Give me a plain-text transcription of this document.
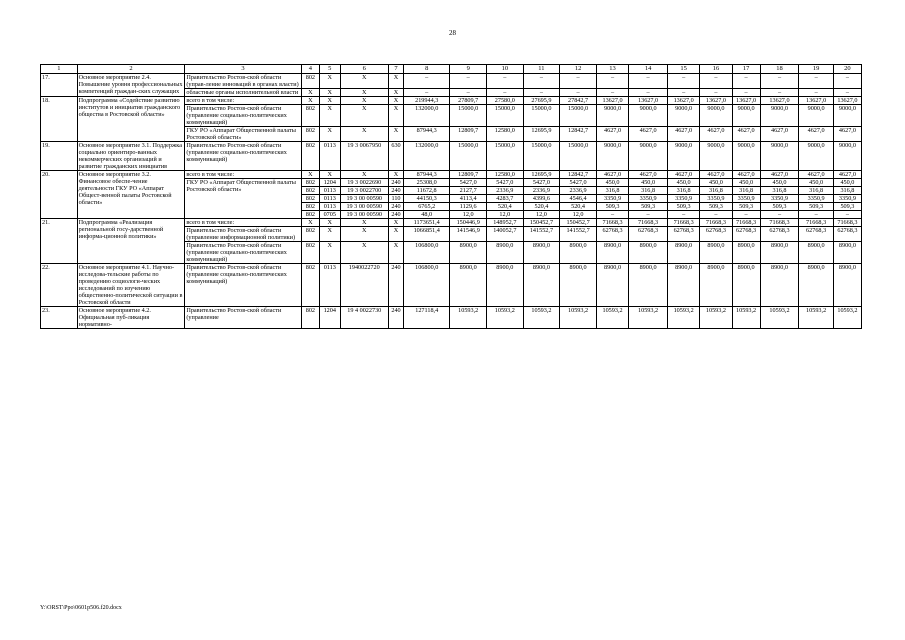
28
1	2	3	4	5	6	7	8	9	10	11	12	13	14	15	16	17	18	19	20
17.	Основное мероприятие 2.4. Повышение уровня профессиональных компетенций граждан-ских служащих	Правительство Ростов-ской области (управ-ление инноваций в органах власти)	802	X	X	X	–	–	–	–	–	–	–	–	–	–	–	–	–
		областные органы исполнительной власти	X	X	X	X	–	–	–	–	–	–	–	–	–	–	–	–	–
18.	Подпрограмма «Содействие развитию институтов и инициатив гражданского общества в Ростовской области»	всего в том числе:	X	X	X	X	219944,3	27809,7	27580,0	27695,9	27842,7	13627,0	13627,0	13627,0	13627,0	13627,0	13627,0	13627,0	13627,0
		Правительство Ростов-ской области (управление социально-политических коммуникаций)	802	X	X	X	132000,0	15000,0	15000,0	15000,0	15000,0	9000,0	9000,0	9000,0	9000,0	9000,0	9000,0	9000,0	9000,0
		ГКУ РО «Аппарат Общественной палаты Ростовской области»	802	X	X	X	87944,3	12809,7	12580,0	12695,9	12842,7	4627,0	4627,0	4627,0	4627,0	4627,0	4627,0	4627,0	4627,0
19.	Основное мероприятие 3.1. Поддержка социально ориентиро-ванных некоммерческих организаций и развитие гражданских инициатив	Правительство Ростов-ской области (управление социально-политических коммуникаций)	802	0113	19 3 0067950	630	132000,0	15000,0	15000,0	15000,0	15000,0	9000,0	9000,0	9000,0	9000,0	9000,0	9000,0	9000,0	9000,0
20.	Основное мероприятие 3.2. Финансовое обеспе-чение деятельности ГКУ РО «Аппарат Общест-венной палаты Ростовской области»	всего в том числе:	X	X	X	X	87944,3	12809,7	12580,0	12695,9	12842,7	4627,0	4627,0	4627,0	4627,0	4627,0	4627,0	4627,0	4627,0
		ГКУ РО «Аппарат Общественной палаты Ростовской области»	802	1204	19 3 0022690	240	25308,0	5427,0	5427,0	5427,0	5427,0	450,0	450,0	450,0	450,0	450,0	450,0	450,0	450,0
			802	0113	19 3 0022700	240	11672,8	2127,7	2336,9	2336,9	2336,9	316,8	316,8	316,8	316,8	316,8	316,8	316,8	316,8
			802	0113	19 3 00 00590	110	44150,3	4113,4	4283,7	4399,6	4546,4	3350,9	3350,9	3350,9	3350,9	3350,9	3350,9	3350,9	3350,9
			802	0113	19 3 00 00590	240	6765,2	1129,6	520,4	520,4	520,4	509,3	509,3	509,3	509,3	509,3	509,3	509,3	509,3
			802	0705	19 3 00 00590	240	48,0	12,0	12,0	12,0	12,0	–	–	–	–	–	–	–	–
21.	Подпрограмма «Реализация региональной госу-дарственной информа-ционной политики»	всего в том числе:	X	X	X	X	1173651,4	150446,9	148952,7	150452,7	150452,7	71668,3	71668,3	71668,3	71668,3	71668,3	71668,3	71668,3	71668,3
		Правительство Ростов-ской области (управление информационной политики)	802	X	X	X	1066851,4	141546,9	140052,7	141552,7	141552,7	62768,3	62768,3	62768,3	62768,3	62768,3	62768,3	62768,3	62768,3
		Правительство Ростов-ской области (управление социально-политических коммуникаций)	802	X	X	X	106800,0	8900,0	8900,0	8900,0	8900,0	8900,0	8900,0	8900,0	8900,0	8900,0	8900,0	8900,0	8900,0
22.	Основное мероприятие 4.1. Научно-исследова-тельские работы по проведению социологи-ческих исследований по изучению общественно-политической ситуации в Ростовской области	Правительство Ростов-ской области (управление социально-политических коммуникаций)	802	0113	1940022720	240	106800,0	8900,0	8900,0	8900,0	8900,0	8900,0	8900,0	8900,0	8900,0	8900,0	8900,0	8900,0	8900,0
23.	Основное мероприятие 4.2. Официальная пуб-ликация нормативно-	Правительство Ростов-ской области (управление	802	1204	19 4 0022730	240	127118,4	10593,2	10593,2	10593,2	10593,2	10593,2	10593,2	10593,2	10593,2	10593,2	10593,2	10593,2	10593,2
Y:\ORST\Ppo\0601p506.f20.docx
